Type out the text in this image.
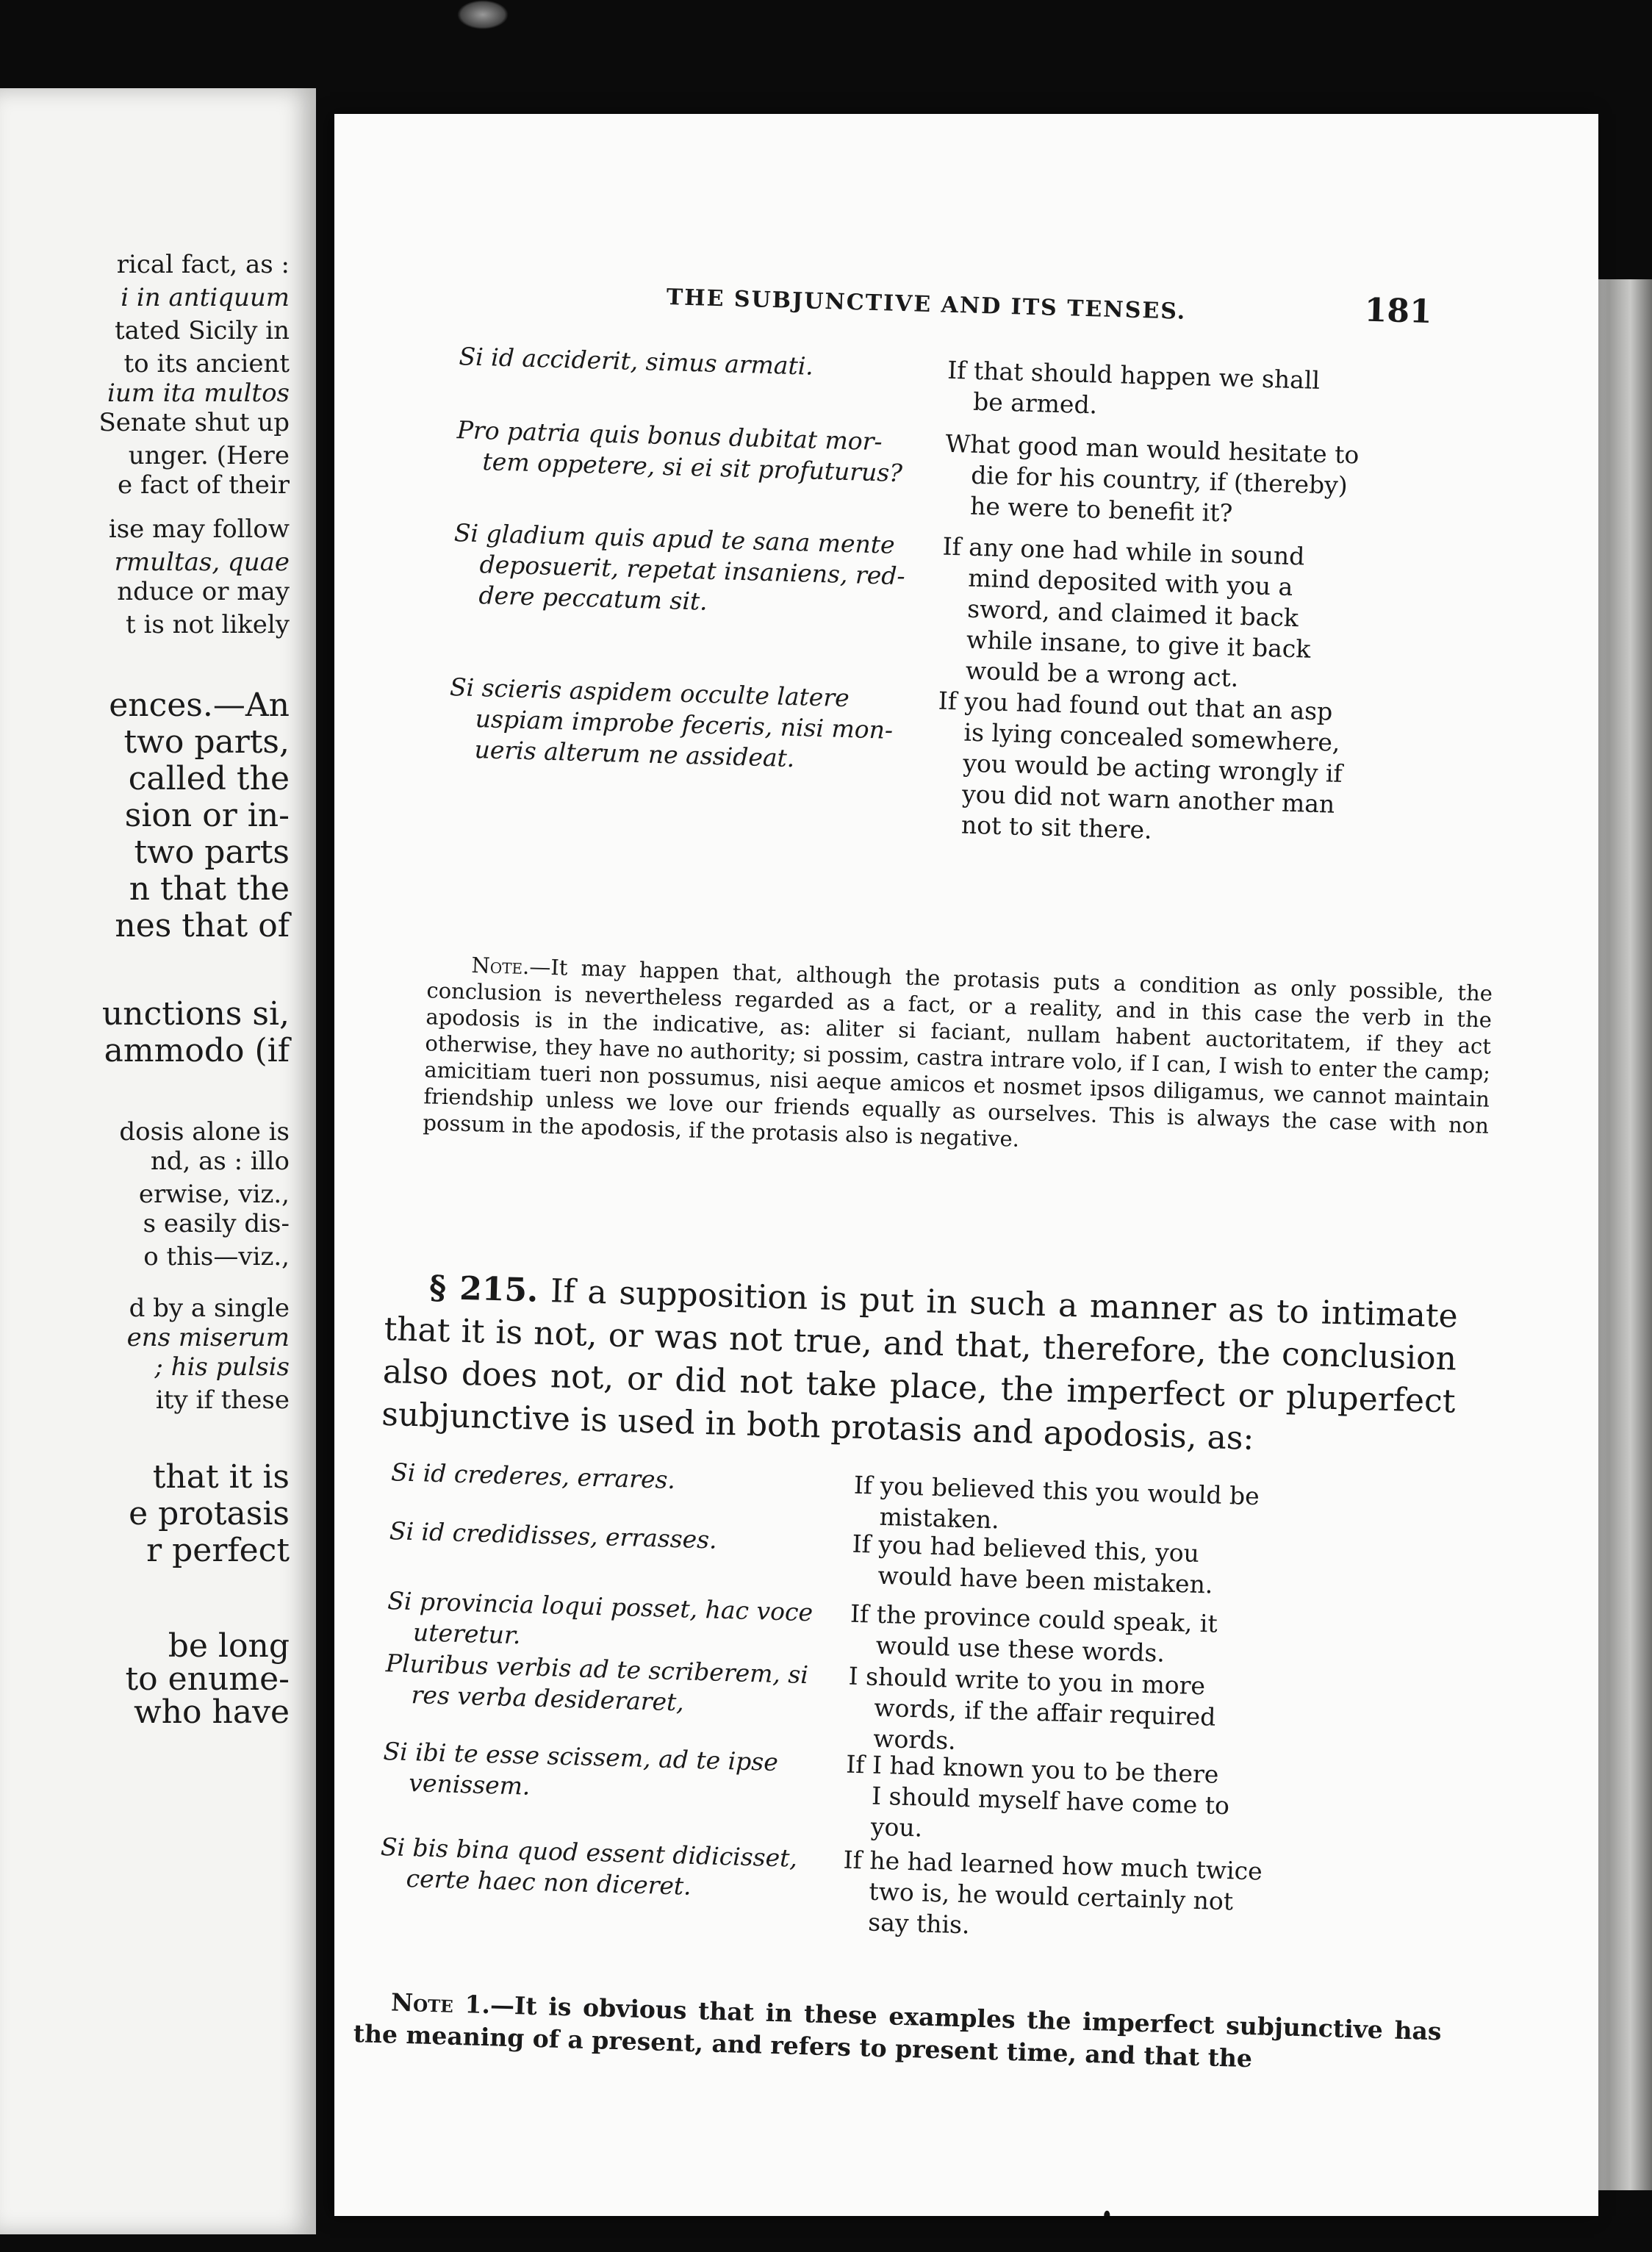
rical fact, as :
i in antiquum
tated Sicily in
to its ancient
ium ita multos
Senate shut up
unger. (Here
e fact of their
ise may follow
rmultas, quae
nduce or may
t is not likely
ences.—An
two parts,
called the
sion or in-
two parts
n that the
nes that of
unctions si,
ammodo (if
dosis alone is
nd, as : illo
erwise, viz.,
s easily dis-
o this—viz.,
d by a single
ens miserum
; his pulsis
ity if these
that it is
e protasis
r perfect
be long
to enume-
who have
THE SUBJUNCTIVE AND ITS TENSES.	181
Si id acciderit, simus armati.	If that should happen we shall
be armed.
Pro patria quis bonus dubitat mor-
tem oppetere, si ei sit profuturus?	What good man would hesitate to
die for his country, if (thereby)
he were to benefit it?
Si gladium quis apud te sana mente
deposuerit, repetat insaniens, red-
dere peccatum sit.
If any one had while in sound
mind deposited with you a
sword, and claimed it back
while insane, to give it back
would be a wrong act.
Si scieris aspidem occulte latere
uspiam improbe feceris, nisi mon-
ueris alterum ne assideat.
If you had found out that an asp
is lying concealed somewhere,
you would be acting wrongly if
you did not warn another man
not to sit there.
Note.—It may happen that, although the protasis puts a condition as only possible, the conclusion is nevertheless regarded as a fact, or a reality, and in this case the verb in the apodosis is in the indicative, as: aliter si faciant, nullam habent auctoritatem, if they act otherwise, they have no authority; si possim, castra intrare volo, if I can, I wish to enter the camp; amicitiam tueri non possumus, nisi aeque amicos et nosmet ipsos diligamus, we cannot maintain friendship unless we love our friends equally as ourselves. This is always the case with non possum in the apodosis, if the protasis also is negative.
§ 215. If a supposition is put in such a manner as to intimate that it is not, or was not true, and that, therefore, the conclusion also does not, or did not take place, the imperfect or pluperfect subjunctive is used in both protasis and apodosis, as:
Si id crederes, errares.	If you believed this you would be
mistaken.
Si id credidisses, errasses.	If you had believed this, you
would have been mistaken.
Si provincia loqui posset, hac voce
uteretur.	If the province could speak, it
would use these words.
Pluribus verbis ad te scriberem, si
res verba desideraret,	I should write to you in more
words, if the affair required
words.
Si ibi te esse scissem, ad te ipse
venissem.	If I had known you to be there
I should myself have come to
you.
Si bis bina quod essent didicisset,
certe haec non diceret.	If he had learned how much twice
two is, he would certainly not
say this.
Note 1.—It is obvious that in these examples the imperfect subjunctive has the meaning of a present, and refers to present time, and that the
